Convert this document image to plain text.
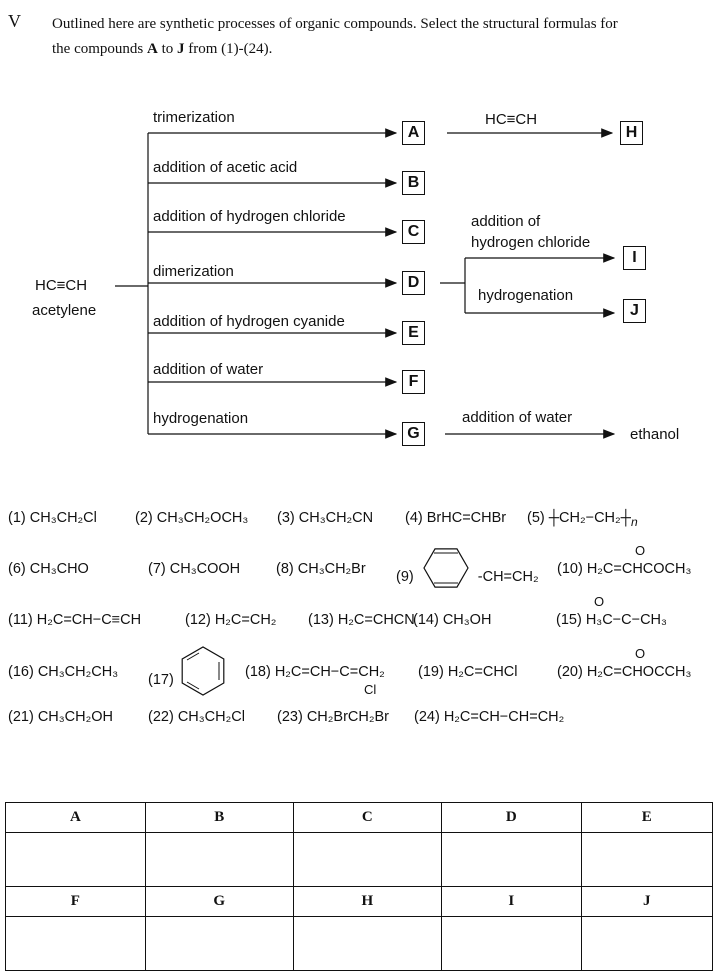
V Outlined here are synthetic processes of organic compounds. Select the structural formulas for
the compounds A to J from (1)-(24).
HC≡CH
acetylene
trimerization
addition of acetic acid
addition of hydrogen chloride
dimerization
addition of hydrogen cyanide
addition of water
hydrogenation
A
B
C
D
E
F
G
HC≡CH
H
addition of
hydrogen chloride
I
hydrogenation
J
addition of water
ethanol
(1) CH₃CH₂Cl	(2) CH₃CH₂OCH₃ (3) CH₃CH₂CN (4) BrHC=CHBr (5) $┼CH_2-CH_2┼_n$
(6) CH₃CHO	(7) CH₃COOH (8) CH₃CH₂Br (9)	-CH=CH₂ (10) H₂C=CHCOCH₃
O
(11) H₂C=CH−C≡CH	(12) H₂C=CH₂ (13) H₂C=CHCN
(14) CH₃OH	(15) H₃C−C−CH₃
O
(16) CH₃CH₂CH₃ (17)	(18) H₂C=CH−C=CH₂
Cl
(19) H₂C=CHCl	(20) H₂C=CHOCCH₃
O
(21) CH₃CH₂OH (22) CH₃CH₂Cl (23) CH₂BrCH₂Br (24) H₂C=CH−CH=CH₂
A	B	C	D	E

F	G	H	I	J
